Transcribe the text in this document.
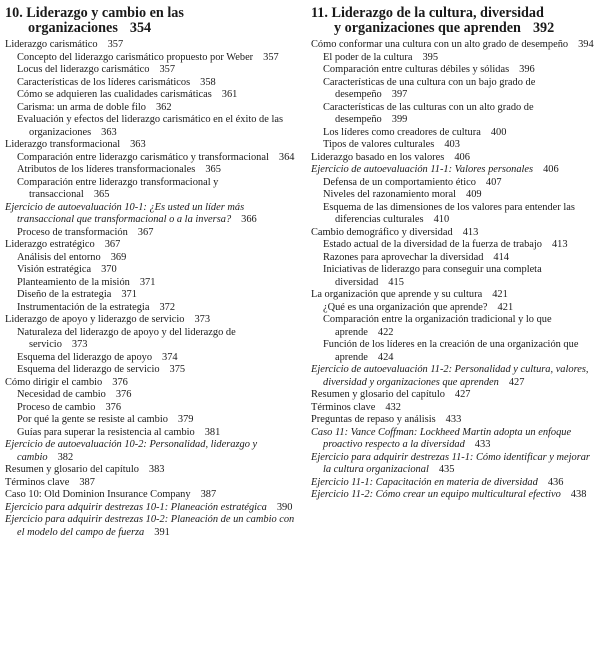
10. Liderazgo y cambio en las
organizaciones 354
Liderazgo carismático 357
Concepto del liderazgo carismático propuesto por Weber 357
Locus del liderazgo carismático 357
Características de los líderes carismáticos 358
Cómo se adquieren las cualidades carismáticas 361
Carisma: un arma de doble filo 362
Evaluación y efectos del liderazgo carismático en el éxito de las organizaciones 363
Liderazgo transformacional 363
Comparación entre liderazgo carismático y transformacional 364
Atributos de los líderes transformacionales 365
Comparación entre liderazgo transformacional y transaccional 365
Ejercicio de autoevaluación 10-1: ¿Es usted un líder más transaccional que transformacional o a la inversa? 366
Proceso de transformación 367
Liderazgo estratégico 367
Análisis del entorno 369
Visión estratégica 370
Planteamiento de la misión 371
Diseño de la estrategia 371
Instrumentación de la estrategia 372
Liderazgo de apoyo y liderazgo de servicio 373
Naturaleza del liderazgo de apoyo y del liderazgo de servicio 373
Esquema del liderazgo de apoyo 374
Esquema del liderazgo de servicio 375
Cómo dirigir el cambio 376
Necesidad de cambio 376
Proceso de cambio 376
Por qué la gente se resiste al cambio 379
Guías para superar la resistencia al cambio 381
Ejercicio de autoevaluación 10-2: Personalidad, liderazgo y cambio 382
Resumen y glosario del capítulo 383
Términos clave 387
Caso 10: Old Dominion Insurance Company 387
Ejercicio para adquirir destrezas 10-1: Planeación estratégica 390
Ejercicio para adquirir destrezas 10-2: Planeación de un cambio con el modelo del campo de fuerza 391
11. Liderazgo de la cultura, diversidad
y organizaciones que aprenden 392
Cómo conformar una cultura con un alto grado de desempeño 394
El poder de la cultura 395
Comparación entre culturas débiles y sólidas 396
Características de una cultura con un bajo grado de desempeño 397
Características de las culturas con un alto grado de desempeño 399
Los líderes como creadores de cultura 400
Tipos de valores culturales 403
Liderazgo basado en los valores 406
Ejercicio de autoevaluación 11-1: Valores personales 406
Defensa de un comportamiento ético 407
Niveles del razonamiento moral 409
Esquema de las dimensiones de los valores para entender las diferencias culturales 410
Cambio demográfico y diversidad 413
Estado actual de la diversidad de la fuerza de trabajo 413
Razones para aprovechar la diversidad 414
Iniciativas de liderazgo para conseguir una completa diversidad 415
La organización que aprende y su cultura 421
¿Qué es una organización que aprende? 421
Comparación entre la organización tradicional y lo que aprende 422
Función de los líderes en la creación de una organización que aprende 424
Ejercicio de autoevaluación 11-2: Personalidad y cultura, valores, diversidad y organizaciones que aprenden 427
Resumen y glosario del capítulo 427
Términos clave 432
Preguntas de repaso y análisis 433
Caso 11: Vance Coffman: Lockheed Martin adopta un enfoque proactivo respecto a la diversidad 433
Ejercicio para adquirir destrezas 11-1: Cómo identificar y mejorar la cultura organizacional 435
Ejercicio 11-1: Capacitación en materia de diversidad 436
Ejercicio 11-2: Cómo crear un equipo multicultural efectivo 438
